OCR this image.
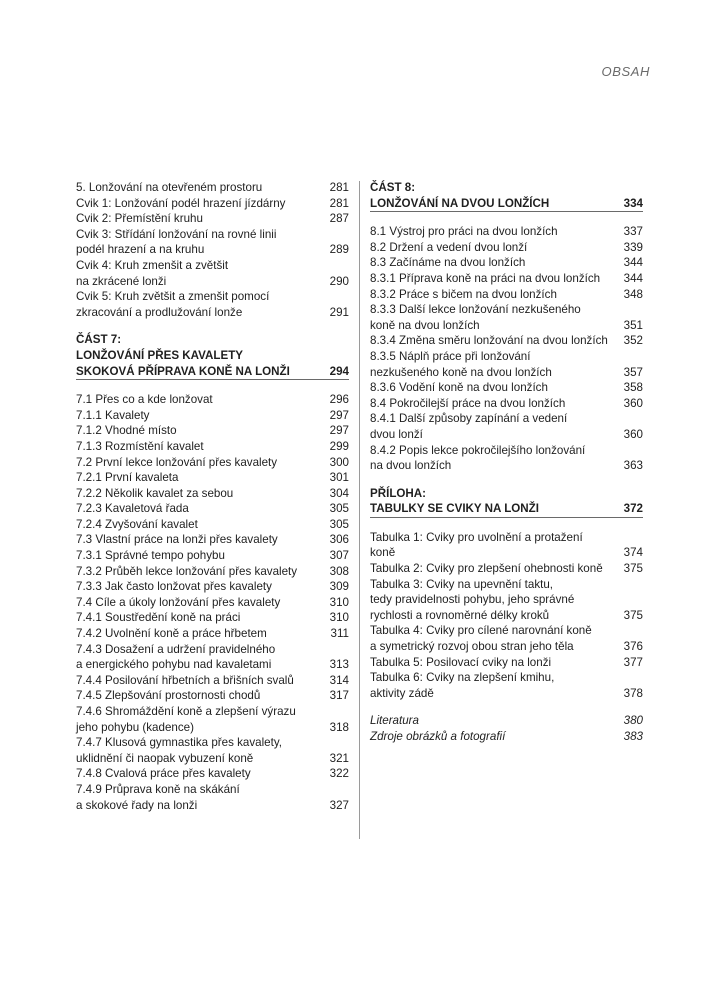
OBSAH
5. Lonžování na otevřeném prostoru	281
Cvik 1: Lonžování podél hrazení jízdárny	281
Cvik 2: Přemístění kruhu	287
Cvik 3: Střídání lonžování na rovné linii
podél hrazení a na kruhu	289
Cvik 4: Kruh zmenšit a zvětšit
na zkrácené lonži	290
Cvik 5: Kruh zvětšit a zmenšit pomocí
zkracování a prodlužování lonže	291
ČÁST 7:
LONŽOVÁNÍ PŘES KAVALETY
SKOKOVÁ PŘÍPRAVA KONĚ NA LONŽI	294
7.1 Přes co a kde lonžovat	296
7.1.1 Kavalety	297
7.1.2 Vhodné místo	297
7.1.3 Rozmístění kavalet	299
7.2 První lekce lonžování přes kavalety	300
7.2.1 První kavaleta	301
7.2.2 Několik kavalet za sebou	304
7.2.3 Kavaletová řada	305
7.2.4 Zvyšování kavalet	305
7.3 Vlastní práce na lonži přes kavalety	306
7.3.1 Správné tempo pohybu	307
7.3.2 Průběh lekce lonžování přes kavalety	308
7.3.3 Jak často lonžovat přes kavalety	309
7.4 Cíle a úkoly lonžování přes kavalety	310
7.4.1 Soustředění koně na práci	310
7.4.2 Uvolnění koně a práce hřbetem	311
7.4.3 Dosažení a udržení pravidelného
a energického pohybu nad kavaletami	313
7.4.4 Posilování hřbetních a břišních svalů	314
7.4.5 Zlepšování prostornosti chodů	317
7.4.6 Shromáždění koně a zlepšení výrazu
jeho pohybu (kadence)	318
7.4.7 Klusová gymnastika přes kavalety,
uklidnění či naopak vybuzení koně	321
7.4.8 Cvalová práce přes kavalety	322
7.4.9 Průprava koně na skákání
a skokové řady na lonži	327
ČÁST 8:
LONŽOVÁNÍ NA DVOU LONŽÍCH	334
8.1 Výstroj pro práci na dvou lonžích	337
8.2 Držení a vedení dvou lonží	339
8.3 Začínáme na dvou lonžích	344
8.3.1 Příprava koně na práci na dvou lonžích	344
8.3.2 Práce s bičem na dvou lonžích	348
8.3.3 Další lekce lonžování nezkušeného
koně na dvou lonžích	351
8.3.4 Změna směru lonžování na dvou lonžích	352
8.3.5 Náplň práce při lonžování
nezkušeného koně na dvou lonžích	357
8.3.6 Vodění koně na dvou lonžích	358
8.4 Pokročilejší práce na dvou lonžích	360
8.4.1 Další způsoby zapínání a vedení
dvou lonží	360
8.4.2 Popis lekce pokročilejšího lonžování
na dvou lonžích	363
PŘÍLOHA:
TABULKY SE CVIKY NA LONŽI	372
Tabulka 1: Cviky pro uvolnění a protažení koně	374
Tabulka 2: Cviky pro zlepšení ohebnosti koně	375
Tabulka 3: Cviky na upevnění taktu,
tedy pravidelnosti pohybu, jeho správné
rychlosti a rovnoměrné délky kroků	375
Tabulka 4: Cviky pro cílené narovnání koně
a symetrický rozvoj obou stran jeho těla	376
Tabulka 5: Posilovací cviky na lonži	377
Tabulka 6: Cviky na zlepšení kmihu,
aktivity zádě	378
Literatura	380
Zdroje obrázků a fotografií	383
